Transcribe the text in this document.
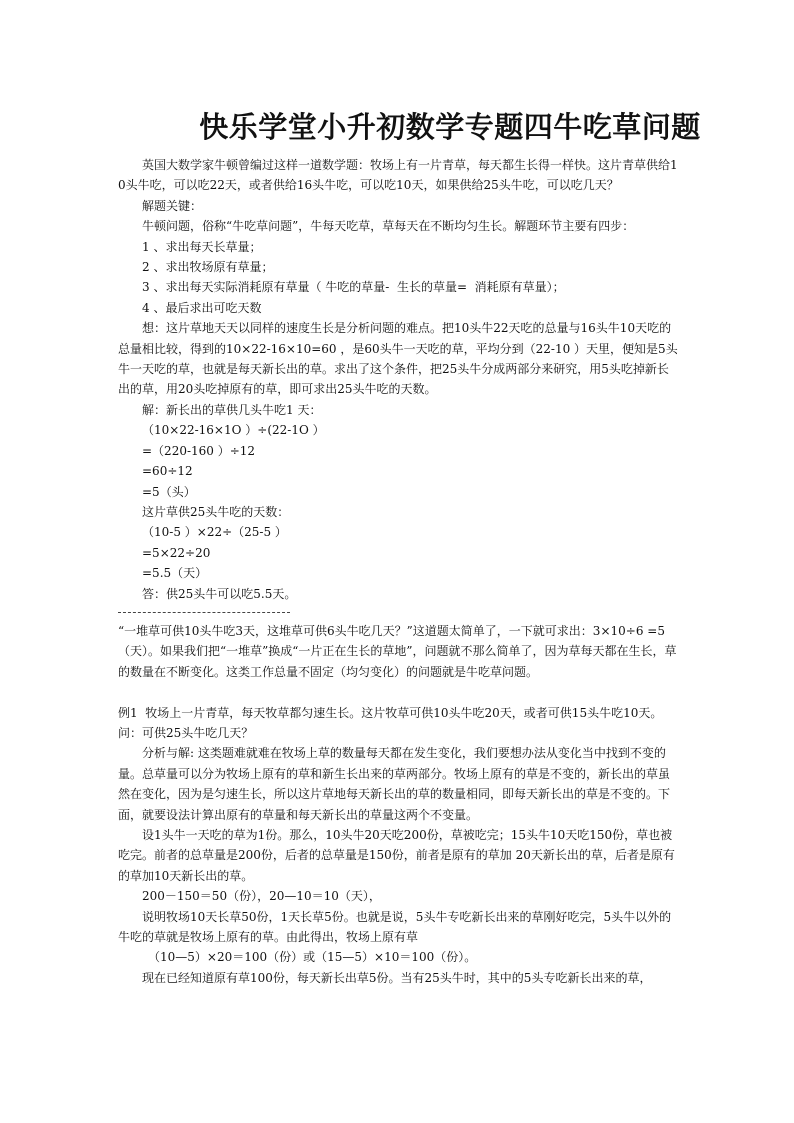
快乐学堂小升初数学专题四牛吃草问题

英国大数学家牛顿曾编过这样一道数学题：牧场上有一片青草，每天都生长得一样快。这片青草供给10头牛吃，可以吃22天，或者供给16头牛吃，可以吃10天，如果供给25头牛吃，可以吃几天？

解题关键：

牛顿问题，俗称“牛吃草问题”，牛每天吃草，草每天在不断均匀生长。解题环节主要有四步：

1 、求出每天长草量；

2 、求出牧场原有草量；

3 、求出每天实际消耗原有草量（ 牛吃的草量-  生长的草量=  消耗原有草量）；

4 、最后求出可吃天数

想：这片草地天天以同样的速度生长是分析问题的难点。把10头牛22天吃的总量与16头牛10天吃的总量相比较，得到的10×22-16×10=60 ，是60头牛一天吃的草，平均分到（22-10 ）天里，便知是5头牛一天吃的草，也就是每天新长出的草。求出了这个条件，把25头牛分成两部分来研究，用5头吃掉新长出的草，用20头吃掉原有的草，即可求出25头牛吃的天数。

解：新长出的草供几头牛吃1 天：

（10×22-16×1O ）÷(22-1O ）

=（220-160 ）÷12

=60÷12

=5（头）

这片草供25头牛吃的天数：

（10-5 ）×22÷（25-5 ）

=5×22÷20

=5.5（天）

答：供25头牛可以吃5.5天。

“一堆草可供10头牛吃3天，这堆草可供6头牛吃几天？”这道题太简单了，一下就可求出：3×10÷6 =5（天）。如果我们把“一堆草”换成“一片正在生长的草地”，问题就不那么简单了，因为草每天都在生长，草的数量在不断变化。这类工作总量不固定（均匀变化）的问题就是牛吃草问题。

例1  牧场上一片青草，每天牧草都匀速生长。这片牧草可供10头牛吃20天，或者可供15头牛吃10天。问：可供25头牛吃几天？

分析与解: 这类题难就难在牧场上草的数量每天都在发生变化，我们要想办法从变化当中找到不变的量。总草量可以分为牧场上原有的草和新生长出来的草两部分。牧场上原有的草是不变的，新长出的草虽然在变化，因为是匀速生长，所以这片草地每天新长出的草的数量相同，即每天新长出的草是不变的。下面，就要设法计算出原有的草量和每天新长出的草量这两个不变量。

设1头牛一天吃的草为1份。那么，10头牛20天吃200份，草被吃完；15头牛10天吃150份，草也被吃完。前者的总草量是200份，后者的总草量是150份，前者是原有的草加 20天新长出的草，后者是原有的草加10天新长出的草。

200－150＝50（份），20—10＝10（天），

说明牧场10天长草50份，1天长草5份。也就是说，5头牛专吃新长出来的草刚好吃完，5头牛以外的牛吃的草就是牧场上原有的草。由此得出，牧场上原有草

（10—5）×20＝100（份）或（15—5）×10＝100（份）。

现在已经知道原有草100份，每天新长出草5份。当有25头牛时，其中的5头专吃新长出来的草，
